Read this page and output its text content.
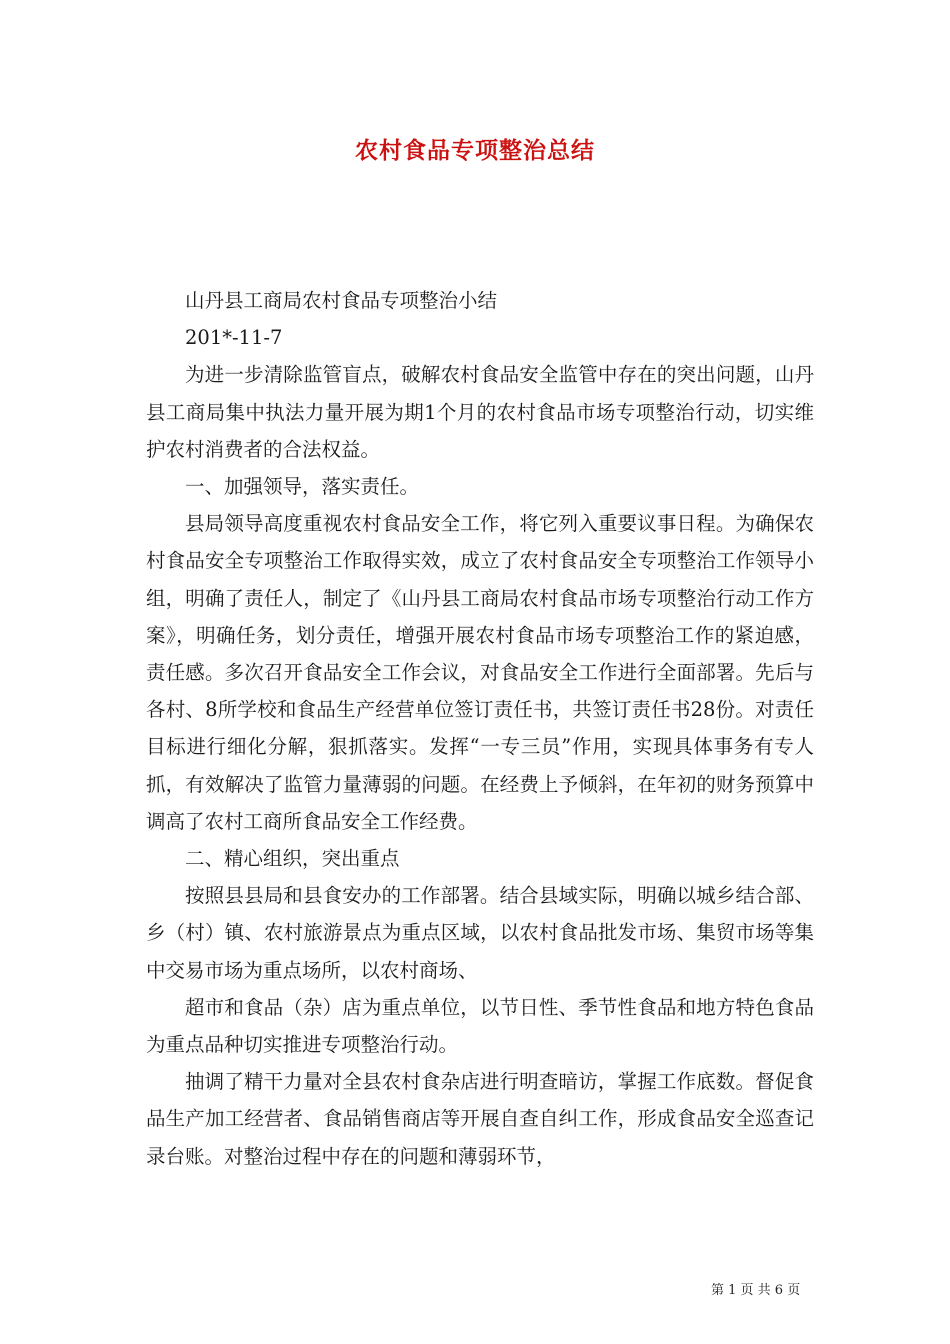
农村食品专项整治总结

山丹县工商局农村食品专项整治小结

201*-11-7

为进一步清除监管盲点，破解农村食品安全监管中存在的突出问题，山丹县工商局集中执法力量开展为期1个月的农村食品市场专项整治行动，切实维护农村消费者的合法权益。

一、加强领导，落实责任。

县局领导高度重视农村食品安全工作，将它列入重要议事日程。为确保农村食品安全专项整治工作取得实效，成立了农村食品安全专项整治工作领导小组，明确了责任人，制定了《山丹县工商局农村食品市场专项整治行动工作方案》，明确任务，划分责任，增强开展农村食品市场专项整治工作的紧迫感，责任感。多次召开食品安全工作会议，对食品安全工作进行全面部署。先后与各村、8所学校和食品生产经营单位签订责任书，共签订责任书28份。对责任目标进行细化分解，狠抓落实。发挥“一专三员”作用，实现具体事务有专人抓，有效解决了监管力量薄弱的问题。在经费上予倾斜，在年初的财务预算中调高了农村工商所食品安全工作经费。

二、精心组织，突出重点

按照县县局和县食安办的工作部署。结合县域实际，明确以城乡结合部、乡（村）镇、农村旅游景点为重点区域，以农村食品批发市场、集贸市场等集中交易市场为重点场所，以农村商场、

超市和食品（杂）店为重点单位，以节日性、季节性食品和地方特色食品为重点品种切实推进专项整治行动。

抽调了精干力量对全县农村食杂店进行明查暗访，掌握工作底数。督促食品生产加工经营者、食品销售商店等开展自查自纠工作，形成食品安全巡查记录台账。对整治过程中存在的问题和薄弱环节，

第 1 页 共 6 页
